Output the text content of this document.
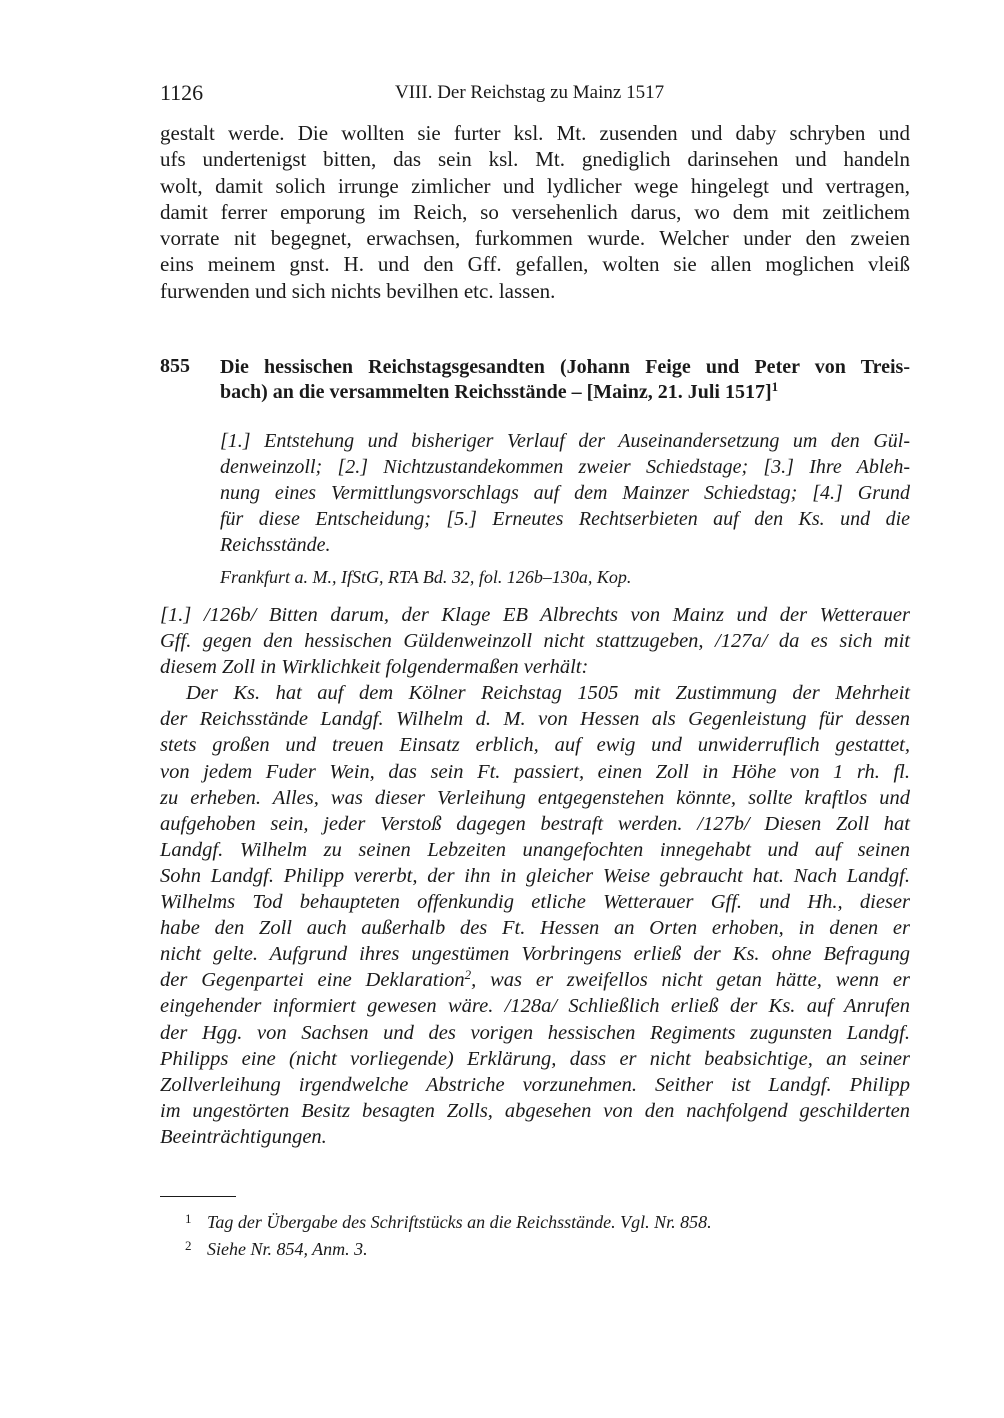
1126	VIII. Der Reichstag zu Mainz 1517
gestalt werde. Die wollten sie furter ksl. Mt. zusenden und daby schryben und
ufs undertenigst bitten, das sein ksl. Mt. gnediglich darinsehen und handeln
wolt, damit solich irrunge zimlicher und lydlicher wege hingelegt und vertragen,
damit ferrer emporung im Reich, so versehenlich darus, wo dem mit zeitlichem
vorrate nit begegnet, erwachsen, furkommen wurde. Welcher under den zweien
eins meinem gnst. H. und den Gff. gefallen, wolten sie allen moglichen vleiß
furwenden und sich nichts bevilhen etc. lassen.
855 Die hessischen Reichstagsgesandten (Johann Feige und Peter von Treis-
bach) an die versammelten Reichsstände – [Mainz, 21. Juli 1517]$^1$
[1.] Entstehung und bisheriger Verlauf der Auseinandersetzung um den Gül-
denweinzoll; [2.] Nichtzustandekommen zweier Schiedstage; [3.] Ihre Ableh-
nung eines Vermittlungsvorschlags auf dem Mainzer Schiedstag; [4.] Grund
für diese Entscheidung; [5.] Erneutes Rechtserbieten auf den Ks. und die
Reichsstände.
Frankfurt a. M., IfStG, RTA Bd. 32, fol. 126b–130a, Kop.
[1.] /126b/ Bitten darum, der Klage EB Albrechts von Mainz und der Wetterauer
Gff. gegen den hessischen Güldenweinzoll nicht stattzugeben, /127a/ da es sich mit
diesem Zoll in Wirklichkeit folgendermaßen verhält:
Der Ks. hat auf dem Kölner Reichstag 1505 mit Zustimmung der Mehrheit
der Reichsstände Landgf. Wilhelm d. M. von Hessen als Gegenleistung für dessen
stets großen und treuen Einsatz erblich, auf ewig und unwiderruflich gestattet,
von jedem Fuder Wein, das sein Ft. passiert, einen Zoll in Höhe von 1 rh. fl.
zu erheben. Alles, was dieser Verleihung entgegenstehen könnte, sollte kraftlos und
aufgehoben sein, jeder Verstoß dagegen bestraft werden. /127b/ Diesen Zoll hat
Landgf. Wilhelm zu seinen Lebzeiten unangefochten innegehabt und auf seinen
Sohn Landgf. Philipp vererbt, der ihn in gleicher Weise gebraucht hat. Nach Landgf.
Wilhelms Tod behaupteten offenkundig etliche Wetterauer Gff. und Hh., dieser
habe den Zoll auch außerhalb des Ft. Hessen an Orten erhoben, in denen er
nicht gelte. Aufgrund ihres ungestümen Vorbringens erließ der Ks. ohne Befragung
der Gegenpartei eine Deklaration$^2$, was er zweifellos nicht getan hätte, wenn er
eingehender informiert gewesen wäre. /128a/ Schließlich erließ der Ks. auf Anrufen
der Hgg. von Sachsen und des vorigen hessischen Regiments zugunsten Landgf.
Philipps eine (nicht vorliegende) Erklärung, dass er nicht beabsichtige, an seiner
Zollverleihung irgendwelche Abstriche vorzunehmen. Seither ist Landgf. Philipp
im ungestörten Besitz besagten Zolls, abgesehen von den nachfolgend geschilderten
Beeinträchtigungen.
1 Tag der Übergabe des Schriftstücks an die Reichsstände. Vgl. Nr. 858.
2 Siehe Nr. 854, Anm. 3.
